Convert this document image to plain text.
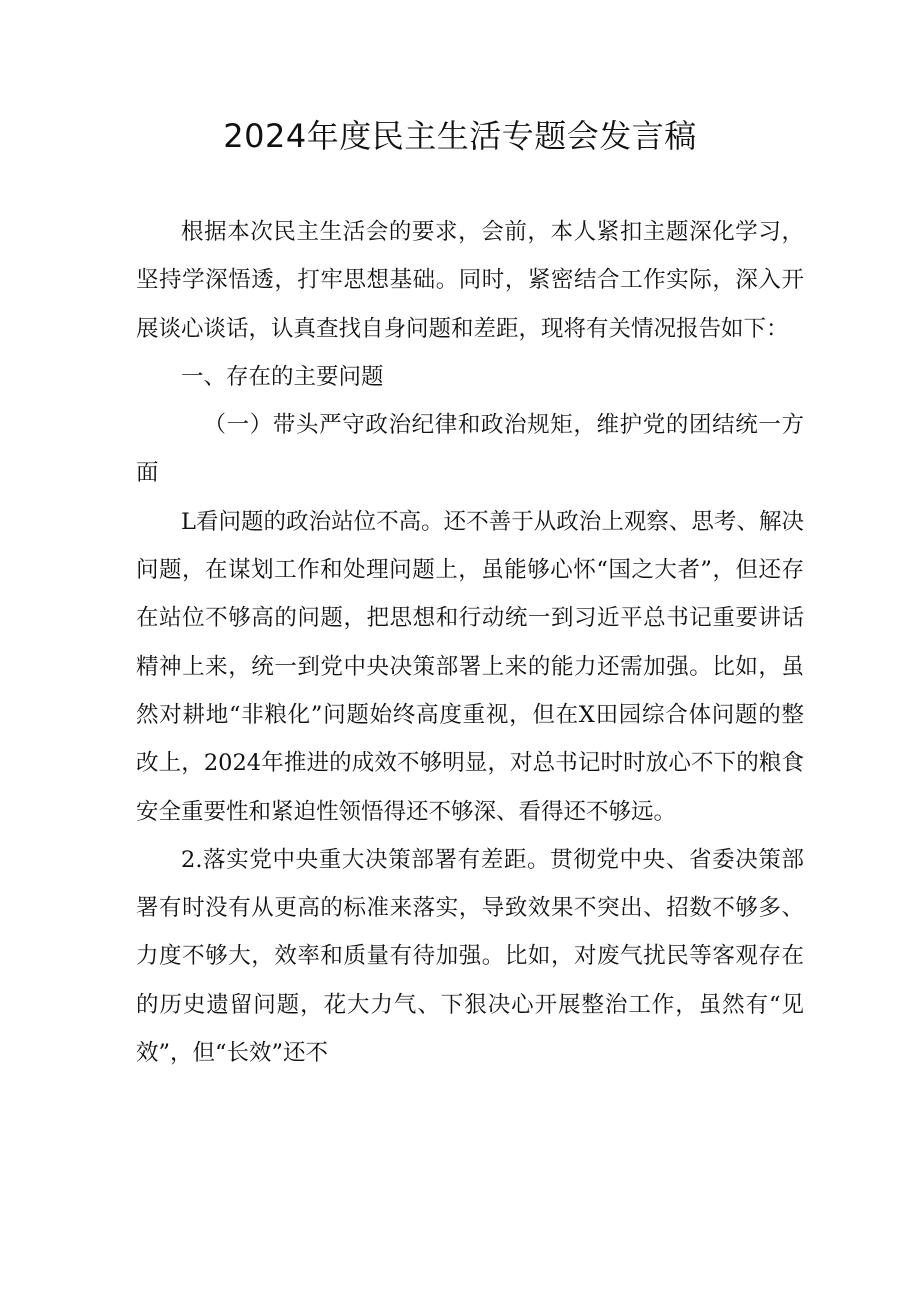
2024年度民主生活专题会发言稿

根据本次民主生活会的要求，会前，本人紧扣主题深化学习，坚持学深悟透，打牢思想基础。同时，紧密结合工作实际，深入开展谈心谈话，认真查找自身问题和差距，现将有关情况报告如下：

一、存在的主要问题

（一）带头严守政治纪律和政治规矩，维护党的团结统一方面

L看问题的政治站位不高。还不善于从政治上观察、思考、解决问题，在谋划工作和处理问题上，虽能够心怀“国之大者”，但还存在站位不够高的问题，把思想和行动统一到习近平总书记重要讲话精神上来，统一到党中央决策部署上来的能力还需加强。比如，虽然对耕地“非粮化”问题始终高度重视，但在X田园综合体问题的整改上，2024年推进的成效不够明显，对总书记时时放心不下的粮食安全重要性和紧迫性领悟得还不够深、看得还不够远。

2.落实党中央重大决策部署有差距。贯彻党中央、省委决策部署有时没有从更高的标准来落实，导致效果不突出、招数不够多、力度不够大，效率和质量有待加强。比如，对废气扰民等客观存在的历史遗留问题，花大力气、下狠决心开展整治工作，虽然有“见效”，但“长效”还不
